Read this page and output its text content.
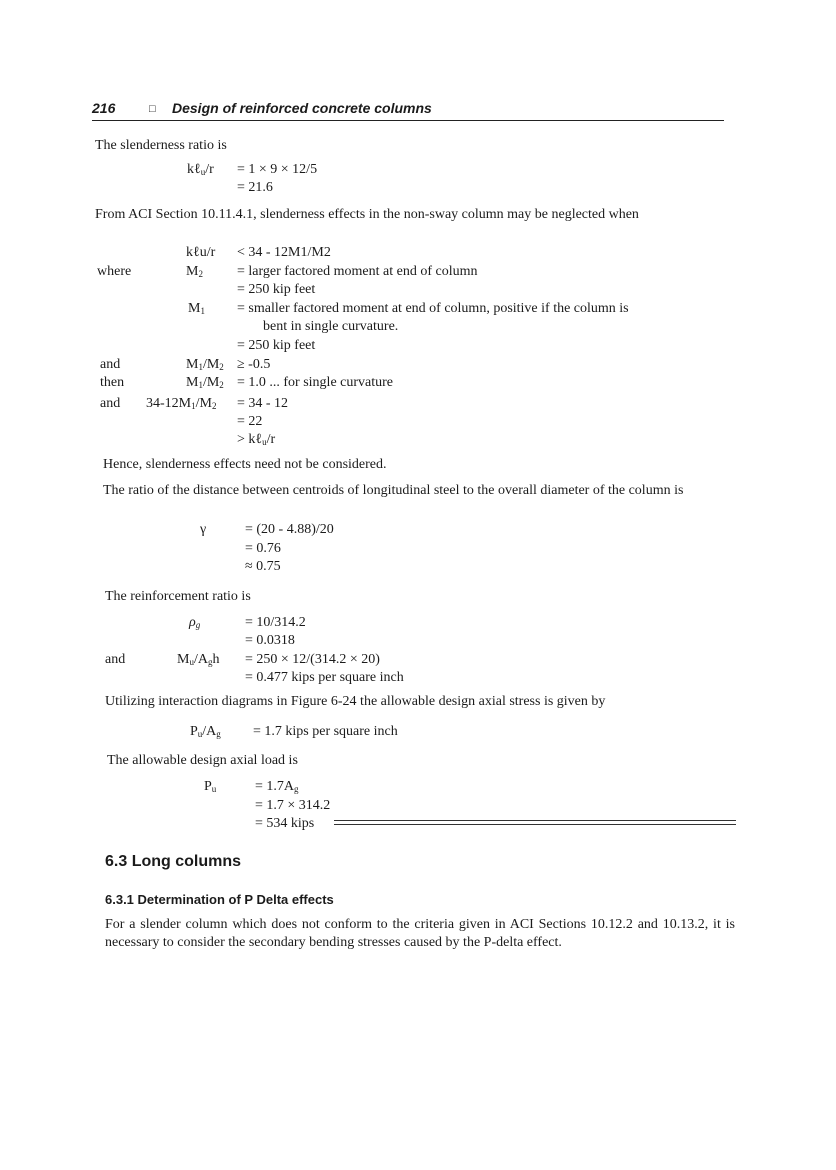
216	□ Design of reinforced concrete columns
The slenderness ratio is
kℓ$_u$/r = 1 × 9 × 12/5
= 21.6
From ACI Section 10.11.4.1, slenderness effects in the non-sway column may be neglected when
kℓu/r < 34 - 12M1/M2
where	$M_2$ = larger factored moment at end of column
= 250 kip feet
$M_1$ = smaller factored moment at end of column, positive if the column is
bent in single curvature.
= 250 kip feet
and	$M_1/M_2 \ge -0.5$
then	$M_1/M_2 = 1.0$ ... for single curvature
and $34-12M_1/M_2 = 34 - 12$
= 22
> kℓ$_u$/r
Hence, slenderness effects need not be considered.
The ratio of the distance between centroids of longitudinal steel to the overall diameter of the column is
γ	= (20 - 4.88)/20
= 0.76
≈ 0.75
The reinforcement ratio is
$\rho_g$	= 10/314.2
= 0.0318
and	$M_u/A_gh = 250 \times 12/(314.2 \times 20)$
= 0.477 kips per square inch
Utilizing interaction diagrams in Figure 6-24 the allowable design axial stress is given by
$P_u/A_g = 1.7$ kips per square inch
The allowable design axial load is
$P_u$	= $1.7A_g$
= 1.7 × 314.2
= 534 kips
6.3 Long columns
6.3.1 Determination of P Delta effects
For a slender column which does not conform to the criteria given in ACI Sections 10.12.2 and 10.13.2, it is necessary to consider the secondary bending stresses caused by the P-delta effect.
